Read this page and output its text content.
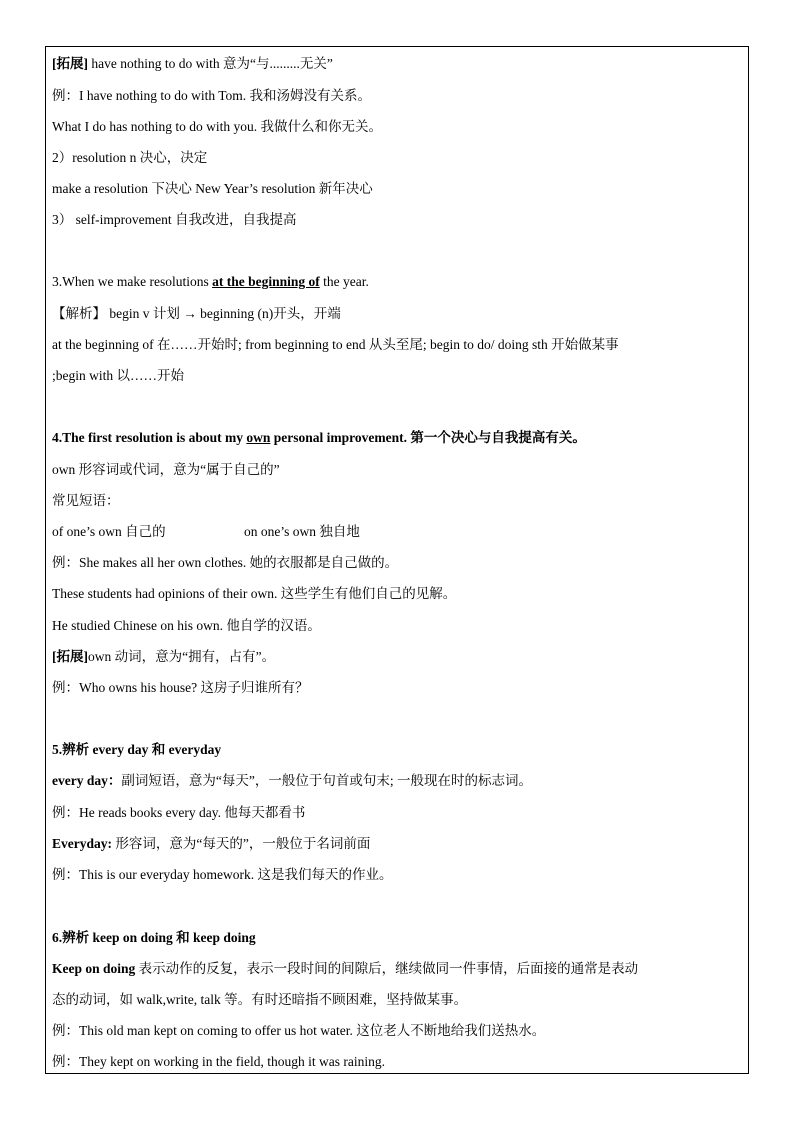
[拓展] have nothing to do with 意为“与.........无关”
例：I have nothing to do with Tom. 我和汤姆没有关系。
What I do has nothing to do with you. 我做什么和你无关。
2）resolution n 决心，决定
make a resolution 下决心 New Year’s resolution 新年决心
3） self-improvement 自我改进，自我提高
3.When we make resolutions at the beginning of the year.
【解析】 begin v 计划 → beginning (n)开头，开端
at the beginning of 在……开始时; from beginning to end 从头至尾; begin to do/ doing sth 开始做某事
;begin with 以……开始
4.The first resolution is about my own personal improvement. 第一个决心与自我提高有关。
own 形容词或代词，意为“属于自己的”
常见短语：
of one’s own 自己的	on one’s own 独自地
例：She makes all her own clothes. 她的衣服都是自己做的。
These students had opinions of their own. 这些学生有他们自己的见解。
He studied Chinese on his own. 他自学的汉语。
[拓展]own 动词，意为“拥有，占有”。
例：Who owns his house? 这房子归谁所有？
5.辨析 every day 和 everyday
every day：副词短语，意为“每天”，一般位于句首或句末; 一般现在时的标志词。
例：He reads books every day. 他每天都看书
Everyday: 形容词，意为“每天的”，一般位于名词前面
例：This is our everyday homework. 这是我们每天的作业。
6.辨析 keep on doing 和 keep doing
Keep on doing 表示动作的反复，表示一段时间的间隙后，继续做同一件事情，后面接的通常是表动
态的动词，如 walk,write, talk 等。有时还暗指不顾困难，坚持做某事。
例：This old man kept on coming to offer us hot water. 这位老人不断地给我们送热水。
例：They kept on working in the field, though it was raining.
